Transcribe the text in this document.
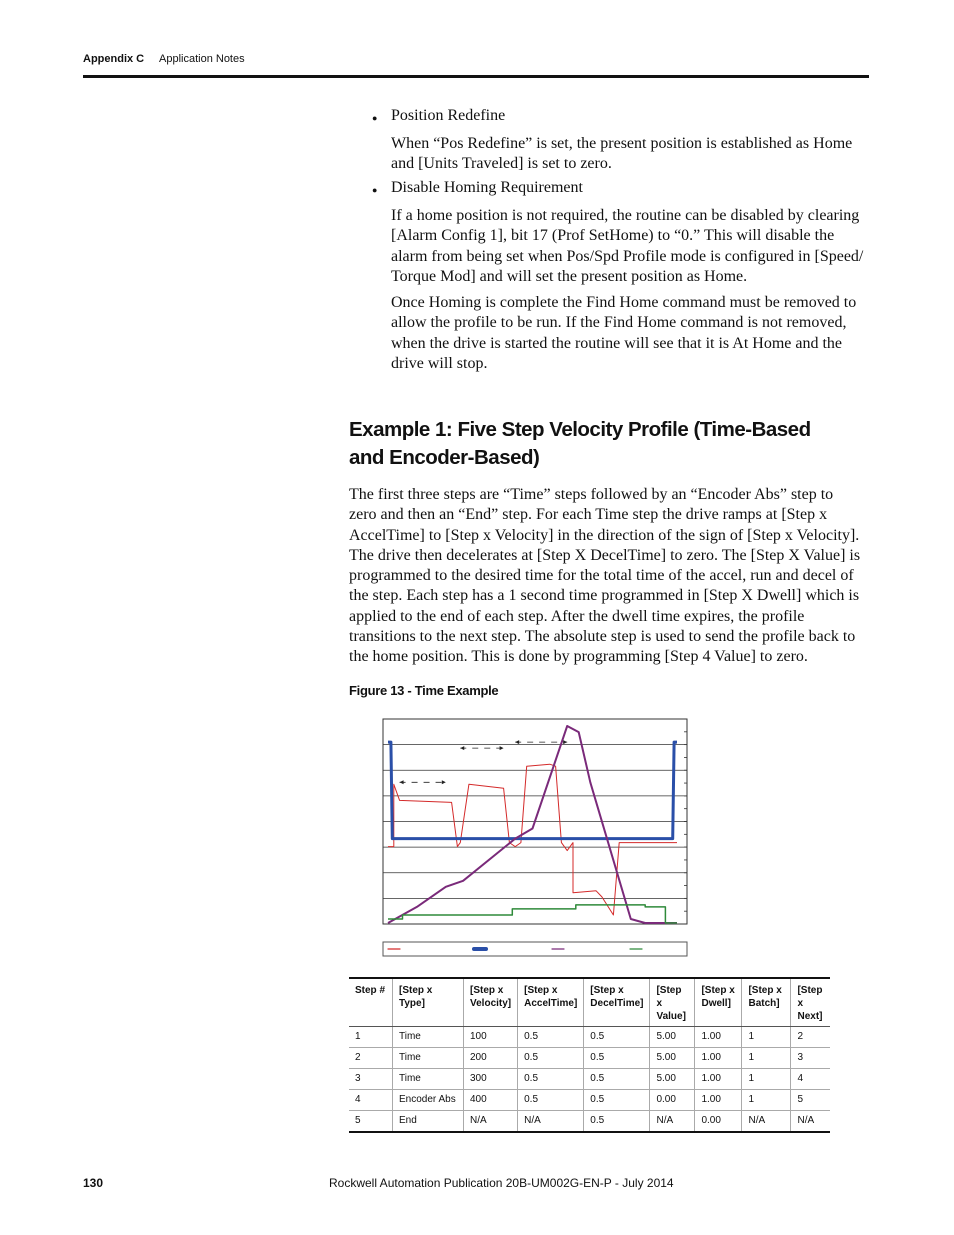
Appendix C Application Notes
● Position Redefine

When “Pos Redefine” is set, the present position is established as Home and [Units Traveled] is set to zero.

● Disable Homing Requirement

If a home position is not required, the routine can be disabled by clearing [Alarm Config 1], bit 17 (Prof SetHome) to “0.” This will disable the alarm from being set when Pos/Spd Profile mode is configured in [Speed/ Torque Mod] and will set the present position as Home.

Once Homing is complete the Find Home command must be removed to allow the profile to be run. If the Find Home command is not removed, when the drive is started the routine will see that it is At Home and the drive will stop.

Example 1: Five Step Velocity Profile (Time-Based and Encoder-Based)

The first three steps are “Time” steps followed by an “Encoder Abs” step to zero and then an “End” step. For each Time step the drive ramps at [Step x AccelTime] to [Step x Velocity] in the direction of the sign of [Step x Velocity]. The drive then decelerates at [Step X DecelTime] to zero. The [Step X Value] is programmed to the desired time for the total time of the accel, run and decel of the step. Each step has a 1 second time programmed in [Step X Dwell] which is applied to the end of each step. After the dwell time expires, the profile transitions to the next step. The absolute step is used to send the profile back to the home position. This is done by programming [Step 4 Value] to zero.

Figure 13 - Time Example
Step #	[Step x Type]	[Step x Velocity]	[Step x AccelTime]	[Step x DecelTime]	[Step x Value]	[Step x Dwell]	[Step x Batch]	[Step x Next]
1	Time	100	0.5	0.5	5.00	1.00	1	2
2	Time	200	0.5	0.5	5.00	1.00	1	3
3	Time	300	0.5	0.5	5.00	1.00	1	4
4	Encoder Abs	400	0.5	0.5	0.00	1.00	1	5
5	End	N/A	N/A	0.5	N/A	0.00	N/A	N/A
130	Rockwell Automation Publication 20B-UM002G-EN-P - July 2014
